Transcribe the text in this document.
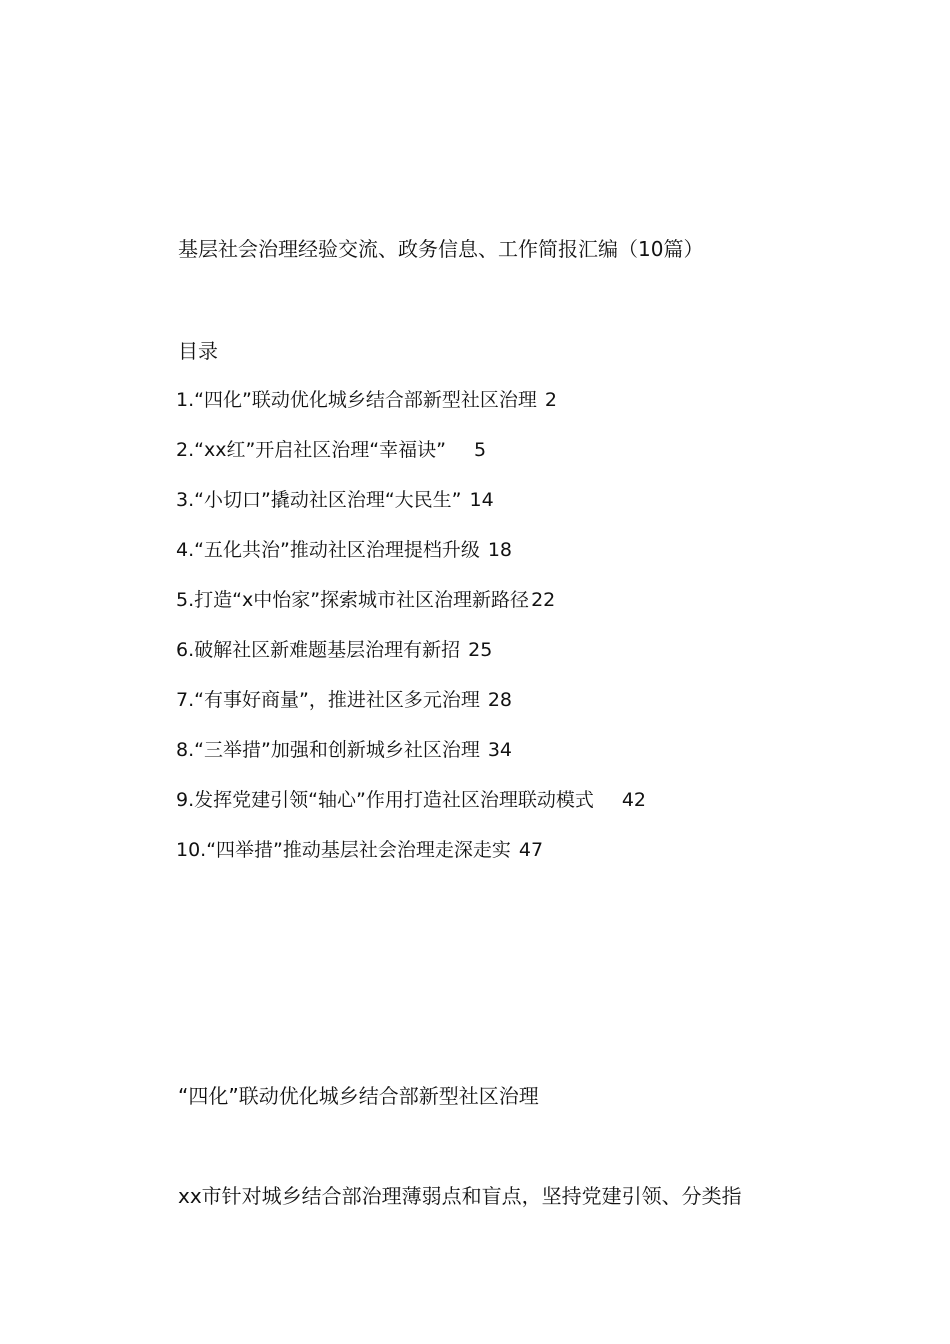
基层社会治理经验交流、政务信息、工作简报汇编（10篇）
目录
1.“四化”联动优化城乡结合部新型社区治理 2
2.“xx红”开启社区治理“幸福诀” 5
3.“小切口”撬动社区治理“大民生” 14
4.“五化共治”推动社区治理提档升级 18
5.打造“x中怡家”探索城市社区治理新路径 22
6.破解社区新难题基层治理有新招 25
7.“有事好商量”，推进社区多元治理 28
8.“三举措”加强和创新城乡社区治理 34
9.发挥党建引领“轴心”作用打造社区治理联动模式 42
10.“四举措”推动基层社会治理走深走实 47
“四化”联动优化城乡结合部新型社区治理
xx市针对城乡结合部治理薄弱点和盲点，坚持党建引领、分类指
